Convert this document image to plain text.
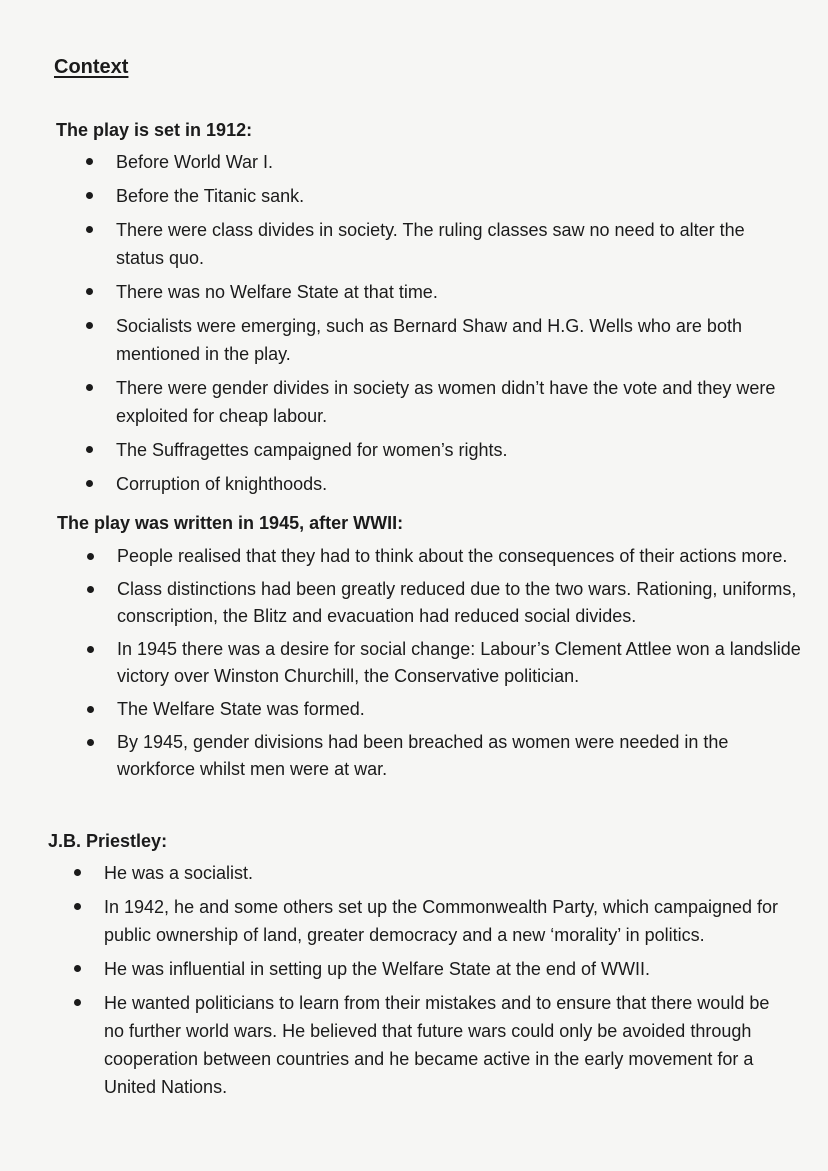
Context
The play is set in 1912:
Before World War I.
Before the Titanic sank.
There were class divides in society. The ruling classes saw no need to alter the status quo.
There was no Welfare State at that time.
Socialists were emerging, such as Bernard Shaw and H.G. Wells who are both mentioned in the play.
There were gender divides in society as women didn’t have the vote and they were exploited for cheap labour.
The Suffragettes campaigned for women’s rights.
Corruption of knighthoods.
The play was written in 1945, after WWII:
People realised that they had to think about the consequences of their actions more.
Class distinctions had been greatly reduced due to the two wars. Rationing, uniforms, conscription, the Blitz and evacuation had reduced social divides.
In 1945 there was a desire for social change: Labour’s Clement Attlee won a landslide victory over Winston Churchill, the Conservative politician.
The Welfare State was formed.
By 1945, gender divisions had been breached as women were needed in the workforce whilst men were at war.
J.B. Priestley:
He was a socialist.
In 1942, he and some others set up the Commonwealth Party, which campaigned for public ownership of land, greater democracy and a new ‘morality’ in politics.
He was influential in setting up the Welfare State at the end of WWII.
He wanted politicians to learn from their mistakes and to ensure that there would be no further world wars. He believed that future wars could only be avoided through cooperation between countries and he became active in the early movement for a United Nations.
